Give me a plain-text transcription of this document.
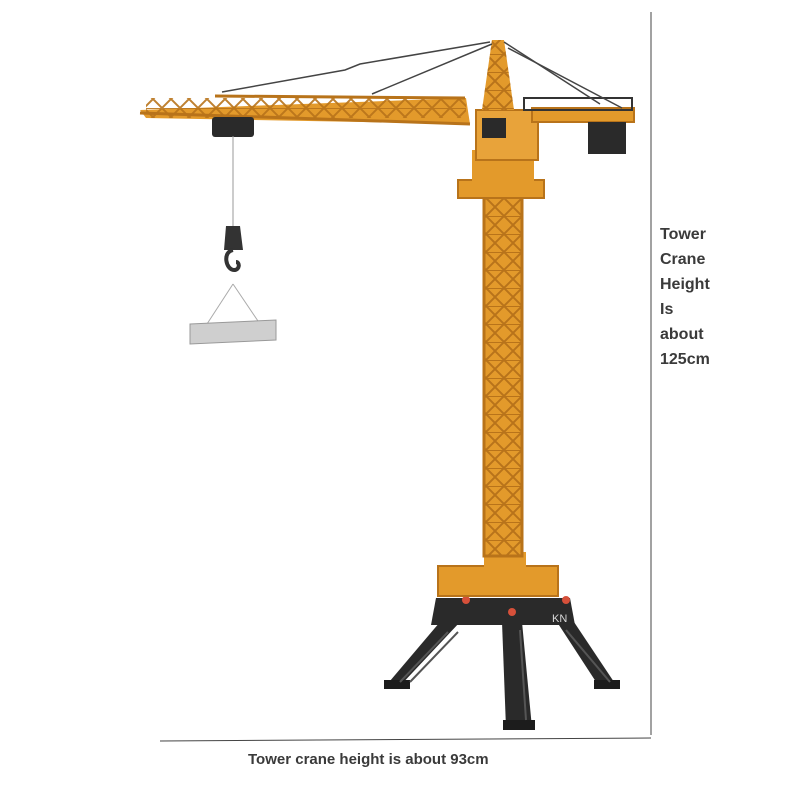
Tower
Crane
Height
Is
about
125cm
Tower crane height is about 93cm
KN
